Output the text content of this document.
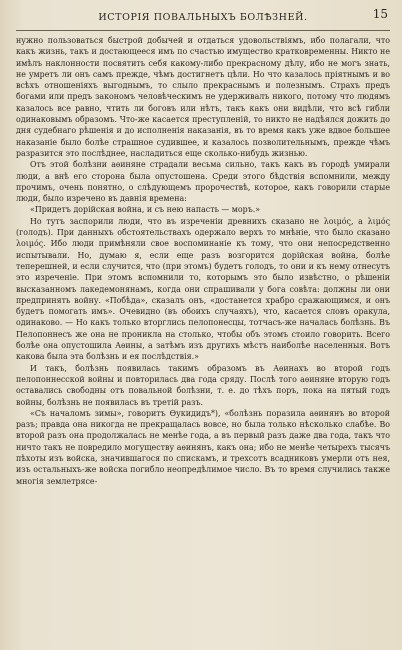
ИСТОРІЯ ПОВАЛЬНЫХЪ БОЛѢЗНЕЙ.	15

нужно пользоваться быстрой добычей и отдаться удовольствіямъ, ибо полагали, что какъ жизнь, такъ и достающееся имъ по счастью имущество кратковременны. Никто не имѣлъ наклонности посвятить себя какому-либо прекрасному дѣлу, ибо не могъ знать, не умретъ ли онъ самъ прежде, чѣмъ достигнетъ цѣли. Но что казалось пріятнымъ и во всѣхъ отношеніяхъ выгоднымъ, то слыло прекраснымъ и полезнымъ. Страхъ предъ богами или предъ закономъ человѣческимъ не удерживалъ никого, потому что людямъ казалось все равно, чтить ли боговъ или нѣтъ, такъ какъ они видѣли, что всѣ гибли одинаковымъ образомъ. Что-же касается преступленій, то никто не надѣялся дожить до дня судебнаго рѣшенія и до исполненія наказанія, въ то время какъ уже вдвое большее наказаніе было болѣе страшное судившее, и казалось позволительнымъ, прежде чѣмъ разразится это послѣднее, насладиться еще сколько-нибудь жизнью.

Отъ этой болѣзни аѳиняне страдали весьма сильно, такъ какъ въ городѣ умирали люди, а внѣ его сторона была опустошена. Среди этого бѣдствія вспомнили, между прочимъ, очень понятно, о слѣдующемъ пророчествѣ, которое, какъ говорили старые люди, было изречено въ давнія времена:

«Придетъ дорійская война, и съ нею напасть — моръ.»

Но тутъ заспорили люди, что въ изреченіи древнихъ сказано не λοιμός, а λιμός (голодъ). При данныхъ обстоятельствахъ одержало верхъ то мнѣніе, что было сказано λοιμός. Ибо люди примѣняли свое воспоминаніе къ тому, что они непосредственно испытывали. Но, думаю я, если еще разъ возгорится дорійская война, болѣе теперешней, и если случится, что (при этомъ) будетъ голодъ, то они и къ нему отнесутъ это изреченіе. При этомъ вспомнили то, которымъ это было извѣстно, о рѣшеніи высказанномъ лакедемонянамъ, когда они спрашивали у бога совѣта: должны ли они предпринять войну. «Побѣда», сказалъ онъ, «достанется храбро сражающимся, и онъ будетъ помогать имъ». Очевидно (въ обоихъ случаяхъ), что, касается словъ оракула, одинаково. — Но какъ только вторглись пелопонесцы, тотчасъ-же началась болѣзнь. Въ Пелопоннесъ же она не проникла на столько, чтобы объ этомъ стоило говорить. Всего болѣе она опустошила Аѳины, а затѣмъ изъ другихъ мѣстъ наиболѣе населенныя. Вотъ какова была эта болѣзнь и ея послѣдствія.»

И такъ, болѣзнь появилась такимъ образомъ въ Аѳинахъ во второй годъ пелопоннесской войны и повторилась два года сряду. Послѣ того аѳиняне вторую годъ оставались свободны отъ повальной болѣзни, т. е. до тѣхъ поръ, пока на пятый годъ войны, болѣзнь не появилась въ третій разъ.

«Съ началомъ зимы», говоритъ Ѳукидидъ*), «болѣзнь поразила аѳинянъ во второй разъ; правда она никогда не прекращалась вовсе, но была только нѣсколько слабѣе. Во второй разъ она продолжалась не менѣе года, а въ первый разъ даже два года, такъ что ничто такъ не повредило могуществу аѳинянъ, какъ она; ибо не менѣе четырехъ тысячъ пѣхоты изъ войска, значившагося по спискамъ, и трехсотъ всадниковъ умерли отъ нея, изъ остальныхъ-же войска погибло неопредѣлимое число. Въ то время случились также многія землетрясе-
